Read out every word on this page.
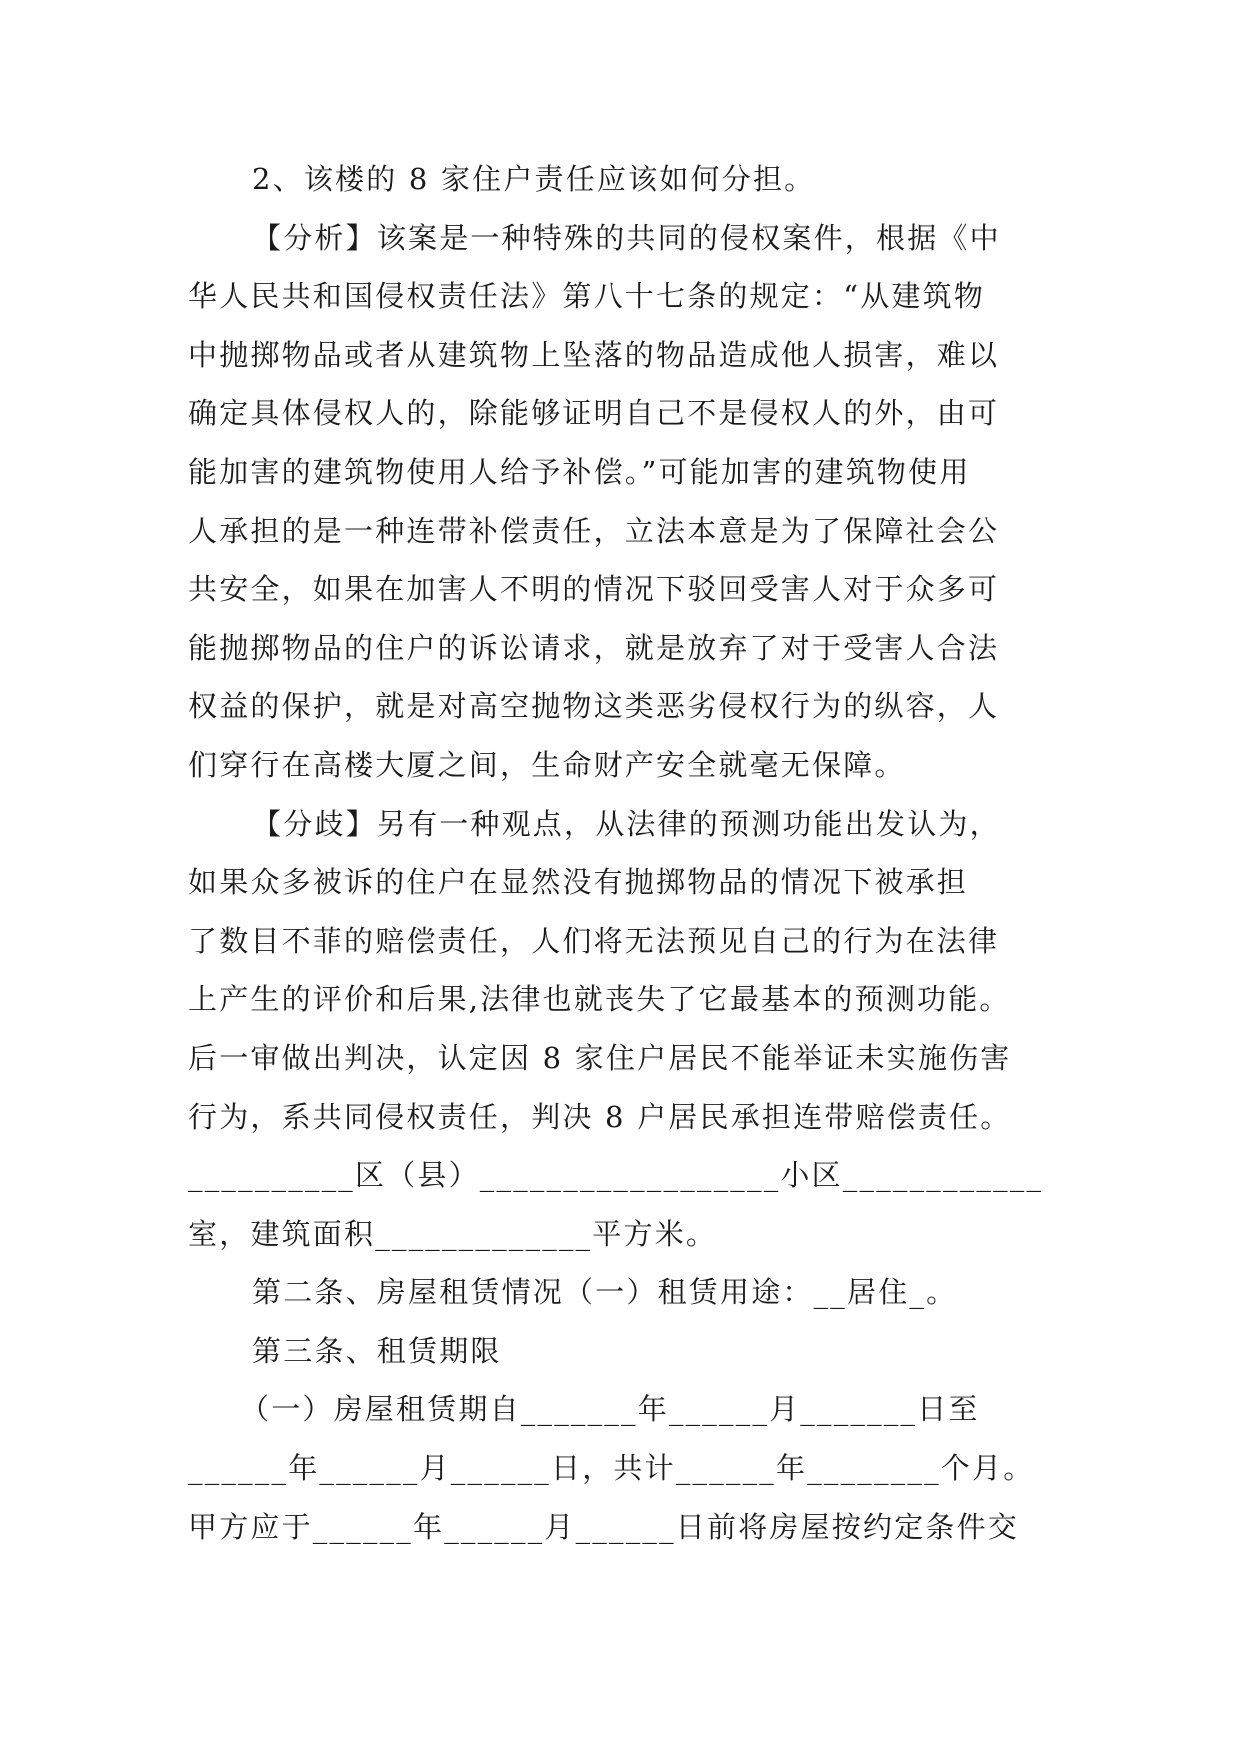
2、该楼的 8 家住户责任应该如何分担。
【分析】该案是一种特殊的共同的侵权案件，根据《中
华人民共和国侵权责任法》第八十七条的规定：“从建筑物
中抛掷物品或者从建筑物上坠落的物品造成他人损害，难以
确定具体侵权人的，除能够证明自己不是侵权人的外，由可
能加害的建筑物使用人给予补偿。”可能加害的建筑物使用
人承担的是一种连带补偿责任，立法本意是为了保障社会公
共安全，如果在加害人不明的情况下驳回受害人对于众多可
能抛掷物品的住户的诉讼请求，就是放弃了对于受害人合法
权益的保护，就是对高空抛物这类恶劣侵权行为的纵容，人
们穿行在高楼大厦之间，生命财产安全就毫无保障。
【分歧】另有一种观点，从法律的预测功能出发认为，
如果众多被诉的住户在显然没有抛掷物品的情况下被承担
了数目不菲的赔偿责任，人们将无法预见自己的行为在法律
上产生的评价和后果,法律也就丧失了它最基本的预测功能。
后一审做出判决，认定因 8 家住户居民不能举证未实施伤害
行为，系共同侵权责任，判决 8 户居民承担连带赔偿责任。
__________区（县）__________________小区____________
室，建筑面积_____________平方米。
第二条、房屋租赁情况（一）租赁用途：__居住_。
第三条、租赁期限
（一）房屋租赁期自_______年______月_______日至
______年______月______日，共计______年________个月。
甲方应于______年______月______日前将房屋按约定条件交
